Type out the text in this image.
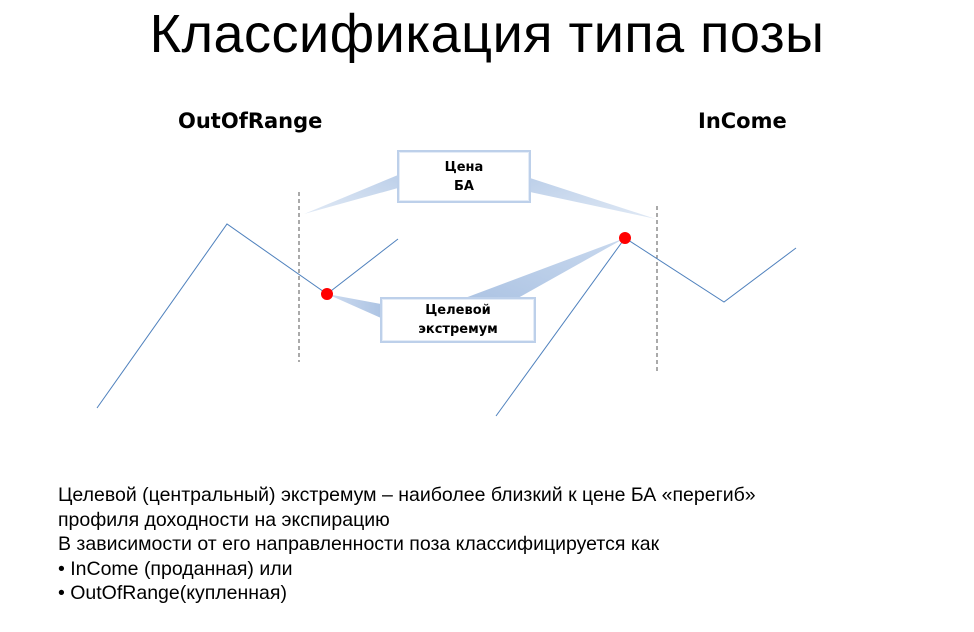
Классификация типа позы
OutOfRange	InCome
Цена
БА
Целевой
экстремум

Целевой (центральный) экстремум – наиболее близкий к цене БА «перегиб»

профиля доходности на экспирацию

В зависимости от его направленности поза классифицируется как

• InCome (проданная) или

• OutOfRange(купленная)
